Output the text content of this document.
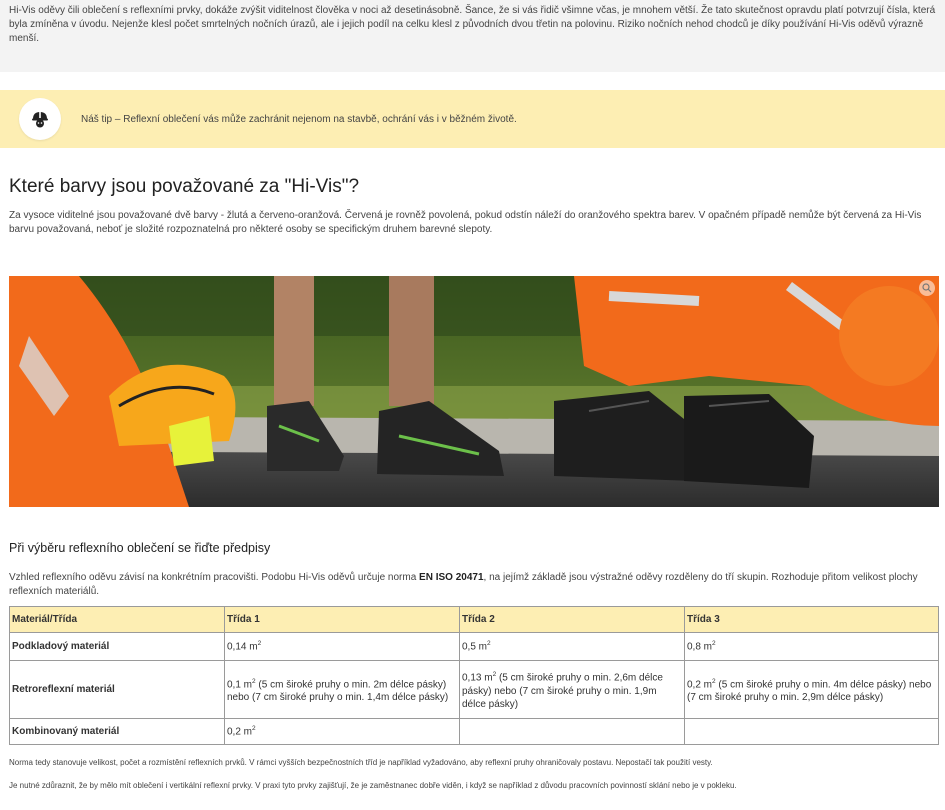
Hi-Vis oděvy čili oblečení s reflexními prvky, dokáže zvýšit viditelnost člověka v noci až desetinásobně. Šance, že si vás řidič všimne včas, je mnohem větší. Že tato skutečnost opravdu platí potvrzují čísla, která byla zmíněna v úvodu. Nejenže klesl počet smrtelných nočních úrazů, ale i jejich podíl na celku klesl z původních dvou třetin na polovinu. Riziko nočních nehod chodců je díky používání Hi-Vis oděvů výrazně menší.
Náš tip – Reflexní oblečení vás může zachránit nejenom na stavbě, ochrání vás i v běžném životě.
Které barvy jsou považované za "Hi-Vis"?

Za vysoce viditelné jsou považované dvě barvy - žlutá a červeno-oranžová. Červená je rovněž povolená, pokud odstín náleží do oranžového spektra barev. V opačném případě nemůže být červená za Hi-Vis barvu považovaná, neboť je složité rozpoznatelná pro některé osoby se specifickým druhem barevné slepoty.

Při výběru reflexního oblečení se řiďte předpisy

Vzhled reflexního oděvu závisí na konkrétním pracovišti. Podobu Hi-Vis oděvů určuje norma EN ISO 20471, na jejímž základě jsou výstražné oděvy rozděleny do tří skupin. Rozhoduje přitom velikost plochy reflexních materiálů.

Materiál/Třída	Třída 1	Třída 2	Třída 3
Podkladový materiál	0,14 $m^2$	0,5 $m^2$	0,8 $m^2$
Retroreflexní materiál	0,1 $m^2$ (5 cm široké pruhy o min. 2m délce pásky) nebo (7 cm široké pruhy o min. 1,4m délce pásky)	0,13 $m^2$ (5 cm široké pruhy o min. 2,6m délce pásky) nebo (7 cm široké pruhy o min. 1,9m délce pásky)	0,2 $m^2$ (5 cm široké pruhy o min. 4m délce pásky) nebo (7 cm široké pruhy o min. 2,9m délce pásky)
Kombinovaný materiál	0,2 $m^2$		

Norma tedy stanovuje velikost, počet a rozmístění reflexních prvků. V rámci vyšších bezpečnostních tříd je například vyžadováno, aby reflexní pruhy ohraničovaly postavu. Nepostačí tak použití vesty.

Je nutné zdůraznit, že by mělo mít oblečení i vertikální reflexní prvky. V praxi tyto prvky zajišťují, že je zaměstnanec dobře viděn, i když se například z důvodu pracovních povinností sklání nebo je v pokleku.
